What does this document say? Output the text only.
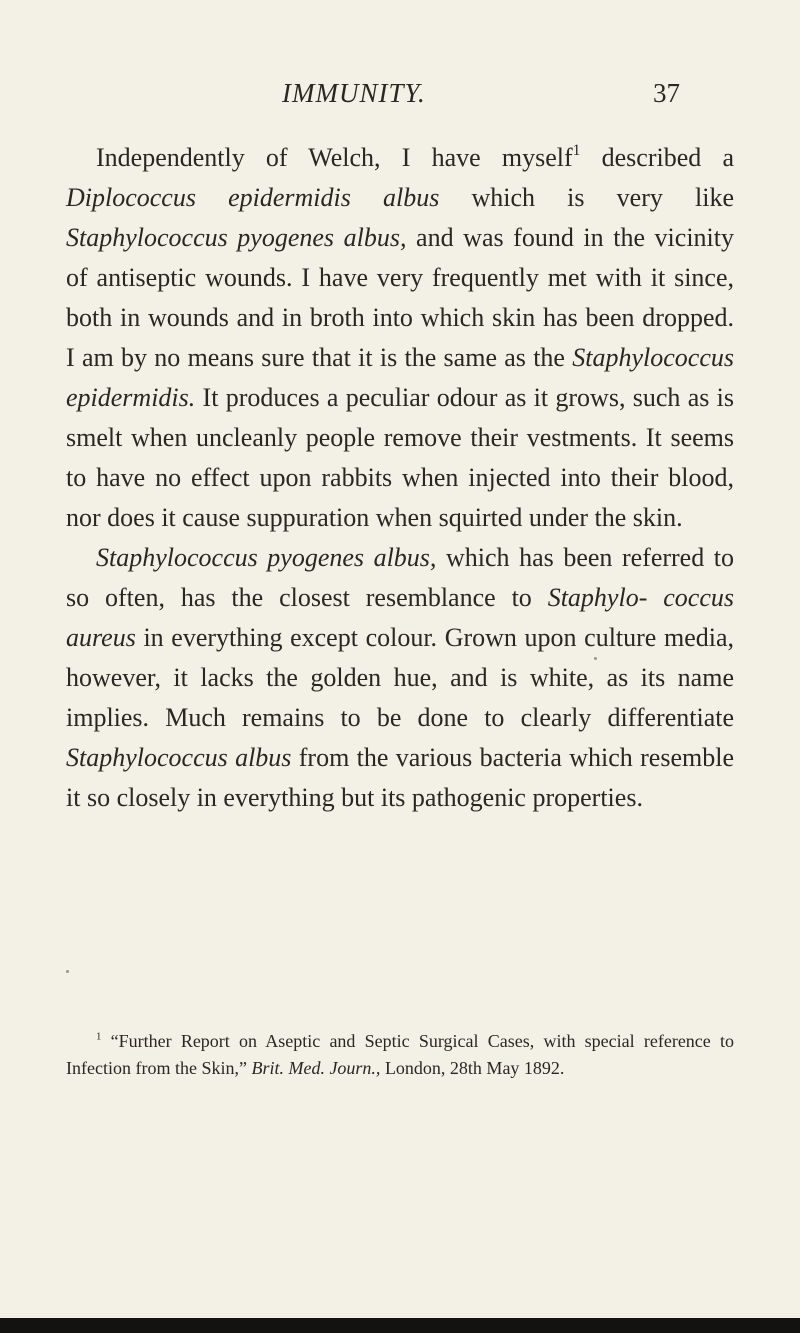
IMMUNITY.	37

Independently of Welch, I have myself$^1$ described a Diplococcus epidermidis albus which is very like Staphylococcus pyogenes albus, and was found in the vicinity of antiseptic wounds. I have very frequently met with it since, both in wounds and in broth into which skin has been dropped. I am by no means sure that it is the same as the Staphylococcus epidermidis. It produces a peculiar odour as it grows, such as is smelt when uncleanly people remove their vestments. It seems to have no effect upon rabbits when injected into their blood, nor does it cause suppuration when squirted under the skin.

Staphylococcus pyogenes albus, which has been referred to so often, has the closest resemblance to Staphylo- coccus aureus in everything except colour. Grown upon culture media, however, it lacks the golden hue, and is white, as its name implies. Much remains to be done to clearly differentiate Staphylococcus albus from the various bacteria which resemble it so closely in everything but its pathogenic properties.

$^1$ “Further Report on Aseptic and Septic Surgical Cases, with special reference to Infection from the Skin,” Brit. Med. Journ., London, 28th May 1892.
